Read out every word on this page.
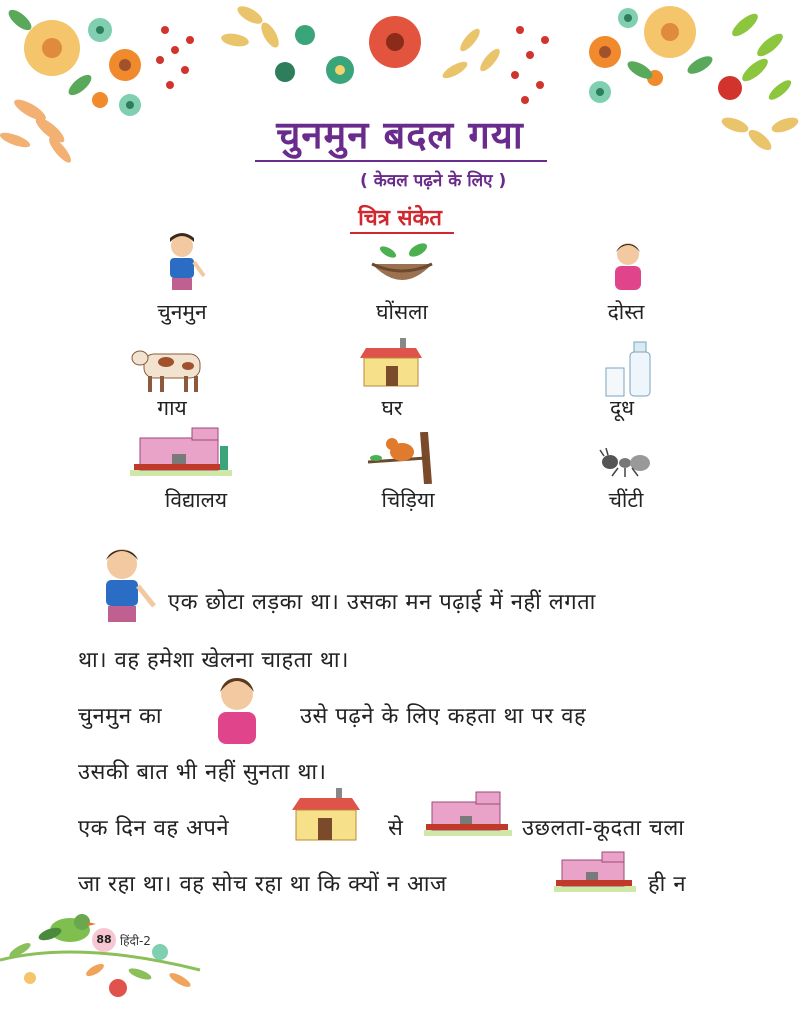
चुनमुन बदल गया
( केवल पढ़ने के लिए )
चित्र संकेत
चुनमुन	घोंसला	दोस्त
गाय	घर	दूध
विद्यालय	चिड़िया	चींटी
एक छोटा लड़का था। उसका मन पढ़ाई में नहीं लगता
था। वह हमेशा खेलना चाहता था।
चुनमुन का	उसे पढ़ने के लिए कहता था पर वह
उसकी बात भी नहीं सुनता था।
एक दिन वह अपने	से	उछलता-कूदता चला
जा रहा था। वह सोच रहा था कि क्यों न आज	ही न
88 हिंदी-2
